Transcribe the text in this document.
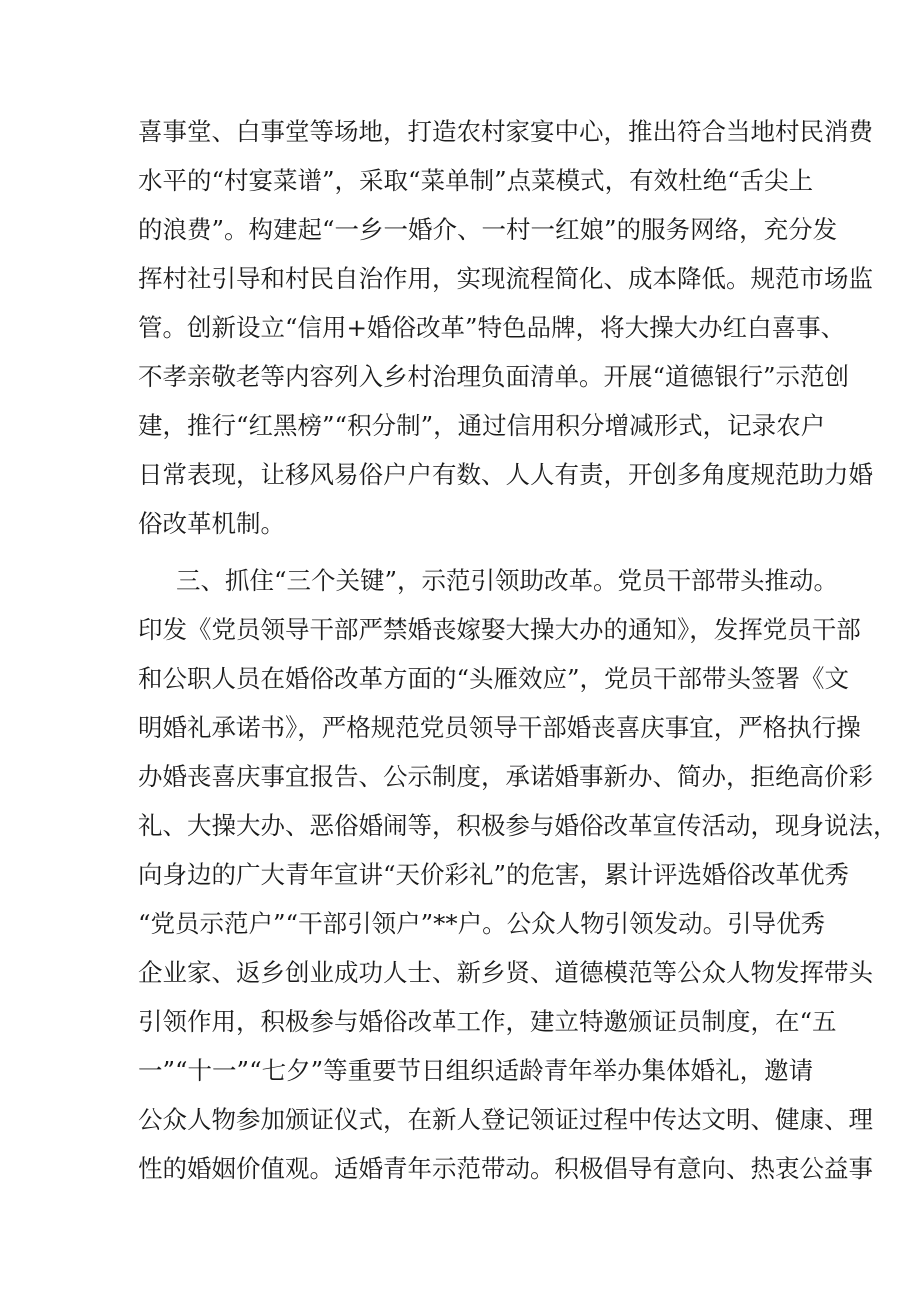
喜事堂、白事堂等场地，打造农村家宴中心，推出符合当地村民消费
水平的“村宴菜谱”，采取“菜单制”点菜模式，有效杜绝“舌尖上
的浪费”。构建起“一乡一婚介、一村一红娘”的服务网络，充分发
挥村社引导和村民自治作用，实现流程简化、成本降低。规范市场监
管。创新设立“信用+婚俗改革”特色品牌，将大操大办红白喜事、
不孝亲敬老等内容列入乡村治理负面清单。开展“道德银行”示范创
建，推行“红黑榜”“积分制”，通过信用积分增减形式，记录农户
日常表现，让移风易俗户户有数、人人有责，开创多角度规范助力婚
俗改革机制。
三、抓住“三个关键”，示范引领助改革。党员干部带头推动。
印发《党员领导干部严禁婚丧嫁娶大操大办的通知》，发挥党员干部
和公职人员在婚俗改革方面的“头雁效应”，党员干部带头签署《文
明婚礼承诺书》，严格规范党员领导干部婚丧喜庆事宜，严格执行操
办婚丧喜庆事宜报告、公示制度，承诺婚事新办、简办，拒绝高价彩
礼、大操大办、恶俗婚闹等，积极参与婚俗改革宣传活动，现身说法，
向身边的广大青年宣讲“天价彩礼”的危害，累计评选婚俗改革优秀
“党员示范户”“干部引领户”**户。公众人物引领发动。引导优秀
企业家、返乡创业成功人士、新乡贤、道德模范等公众人物发挥带头
引领作用，积极参与婚俗改革工作，建立特邀颁证员制度，在“五
一”“十一”“七夕”等重要节日组织适龄青年举办集体婚礼，邀请
公众人物参加颁证仪式，在新人登记领证过程中传达文明、健康、理
性的婚姻价值观。适婚青年示范带动。积极倡导有意向、热衷公益事
